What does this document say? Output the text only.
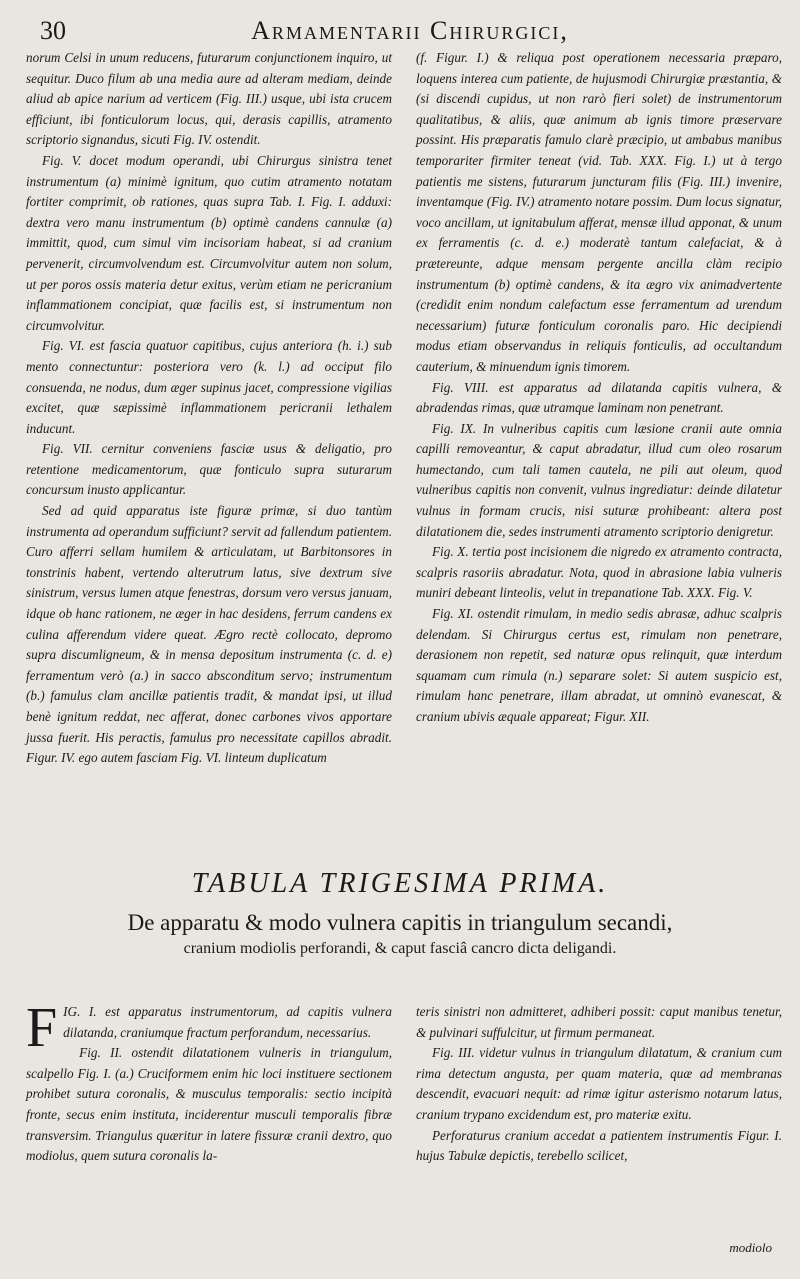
30	Armamentarii Chirurgici,

norum Celsi in unum reducens, futurarum conjunctionem inquiro, ut sequitur. Duco filum ab una media aure ad alteram mediam, deinde aliud ab apice narium ad verticem (Fig. III.) usque, ubi ista crucem efficiunt, ibi fonticulorum locus, qui, derasis capillis, atramento scriptorio signandus, sicuti Fig. IV. ostendit.

Fig. V. docet modum operandi, ubi Chirurgus sinistra tenet instrumentum (a) minimè ignitum, quo cutim atramento notatam fortiter comprimit, ob rationes, quas supra Tab. I. Fig. I. adduxi: dextra vero manu instrumentum (b) optimè candens cannulæ (a) immittit, quod, cum simul vim incisoriam habeat, si ad cranium pervenerit, circumvolvendum est. Circumvolvitur autem non solum, ut per poros ossis materia detur exitus, verùm etiam ne pericranium inflammationem concipiat, quæ facilis est, si instrumentum non circumvolvitur.

Fig. VI. est fascia quatuor capitibus, cujus anteriora (h. i.) sub mento connectuntur: posteriora vero (k. l.) ad occiput filo consuenda, ne nodus, dum æger supinus jacet, compressione vigilias excitet, quæ sæpissimè inflammationem pericranii lethalem inducunt.

Fig. VII. cernitur conveniens fasciæ usus & deligatio, pro retentione medicamentorum, quæ fonticulo supra suturarum concursum inusto applicantur.

Sed ad quid apparatus iste figuræ primæ, si duo tantùm instrumenta ad operandum sufficiunt? servit ad fallendum patientem. Curo afferri sellam humilem & articulatam, ut Barbitonsores in tonstrinis habent, vertendo alterutrum latus, sive dextrum sive sinistrum, versus lumen atque fenestras, dorsum vero versus januam, idque ob hanc rationem, ne æger in hac desidens, ferrum candens ex culina afferendum videre queat. Ægro rectè collocato, depromo supra discumligneum, & in mensa depositum instrumenta (c. d. e) ferramentum verò (a.) in sacco absconditum servo; instrumentum (b.) famulus clam ancillæ patientis tradit, & mandat ipsi, ut illud benè ignitum reddat, nec afferat, donec carbones vivos apportare jussa fuerit. His peractis, famulus pro necessitate capillos abradit. Figur. IV. ego autem fasciam Fig. VI. linteum duplicatum

(f. Figur. I.) & reliqua post operationem necessaria præparo, loquens interea cum patiente, de hujusmodi Chirurgiæ præstantia, & (si discendi cupidus, ut non rarò fieri solet) de instrumentorum qualitatibus, & aliis, quæ animum ab ignis timore præservare possint. His præparatis famulo clarè præcipio, ut ambabus manibus temporariter firmiter teneat (vid. Tab. XXX. Fig. I.) ut à tergo patientis me sistens, futurarum juncturam filis (Fig. III.) invenire, inventamque (Fig. IV.) atramento notare possim. Dum locus signatur, voco ancillam, ut ignitabulum afferat, mensæ illud apponat, & unum ex ferramentis (c. d. e.) moderatè tantum calefaciat, & à prætereunte, adque mensam pergente ancilla clàm recipio instrumentum (b) optimè candens, & ita ægro vix animadvertente (credidit enim nondum calefactum esse ferramentum ad urendum necessarium) futuræ fonticulum coronalis paro. Hic decipiendi modus etiam observandus in reliquis fonticulis, ad occultandum cauterium, & minuendum ignis timorem.

Fig. VIII. est apparatus ad dilatanda capitis vulnera, & abradendas rimas, quæ utramque laminam non penetrant.

Fig. IX. In vulneribus capitis cum læsione cranii aute omnia capilli removeantur, & caput abradatur, illud cum oleo rosarum humectando, cum tali tamen cautela, ne pili aut oleum, quod vulneribus capitis non convenit, vulnus ingrediatur: deinde dilatetur vulnus in formam crucis, nisi suturæ prohibeant: altera post dilatationem die, sedes instrumenti atramento scriptorio denigretur.

Fig. X. tertia post incisionem die nigredo ex atramento contracta, scalpris rasoriis abradatur. Nota, quod in abrasione labia vulneris muniri debeant linteolis, velut in trepanatione Tab. XXX. Fig. V.

Fig. XI. ostendit rimulam, in medio sedis abrasæ, adhuc scalpris delendam. Si Chirurgus certus est, rimulam non penetrare, derasionem non repetit, sed naturæ opus relinquit, quæ interdum squamam cum rimula (n.) separare solet: Si autem suspicio est, rimulam hanc penetrare, illam abradat, ut omninò evanescat, & cranium ubivis æquale appareat; Figur. XII.

TABULA TRIGESIMA PRIMA.
De apparatu & modo vulnera capitis in triangulum secandi,
cranium modiolis perforandi, & caput fasciâ cancro dicta deligandi.

FIG. I. est apparatus instrumentorum, ad capitis vulnera dilatanda, craniumque fractum perforandum, necessarius.

Fig. II. ostendit dilatationem vulneris in triangulum, scalpello Fig. I. (a.) Cruciformem enim hic loci instituere sectionem prohibet sutura coronalis, & musculus temporalis: sectio incipità fronte, secus enim instituta, inciderentur musculi temporalis fibræ transversim. Triangulus quæritur in latere fissuræ cranii dextro, quo modiolus, quem sutura coronalis la-

teris sinistri non admitteret, adhiberi possit: caput manibus tenetur, & pulvinari suffulcitur, ut firmum permaneat.

Fig. III. videtur vulnus in triangulum dilatatum, & cranium cum rima detectum angusta, per quam materia, quæ ad membranas descendit, evacuari nequit: ad rimæ igitur asterismo notarum latus, cranium trypano excidendum est, pro materiæ exitu.

Perforaturus cranium accedat a patientem instrumentis Figur. I. hujus Tabulæ depictis, terebello scilicet,

modiolo
